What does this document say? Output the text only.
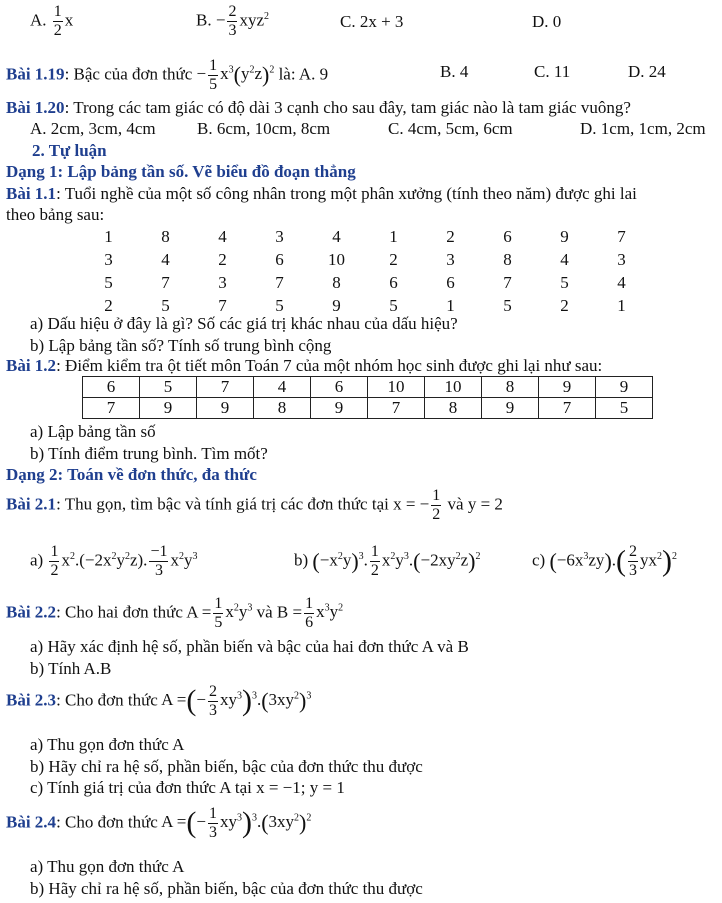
A. $\frac{1}{2}$ x	B. − $\frac{2}{3} xyz^2$	C. 2x + 3	D. 0
Bài 1.19: Bậc của đơn thức − $\frac{1}{5} x^3(y^2z)^2$ là: A. 9	B. 4	C. 11	D. 24
Bài 1.20: Trong các tam giác có độ dài 3 cạnh cho sau đây, tam giác nào là tam giác vuông?
A. 2cm, 3cm, 4cm B. 6cm, 10cm, 8cm	C. 4cm, 5cm, 6cm	D. 1cm, 1cm, 2cm
2. Tự luận
Dạng 1: Lập bảng tần số. Vẽ biểu đồ đoạn thẳng
Bài 1.1: Tuổi nghề của một số công nhân trong một phân xưởng (tính theo năm) được ghi lai
theo bảng sau:
1	8	4	3	4	1	2	6	9	7
3	4	2	6	10	2	3	8	4	3
5	7	3	7	8	6	6	7	5	4
2	5	7	5	9	5	1	5	2	1
a) Dấu hiệu ở đây là gì? Số các giá trị khác nhau của dấu hiệu?
b) Lập bảng tần số? Tính số trung bình cộng
Bài 1.2: Điểm kiểm tra ột tiết môn Toán 7 của một nhóm học sinh được ghi lại như sau:
6	5	7	4	6	10	10	8	9	9
7	9	9	8	9	7	8	9	7	5
a) Lập bảng tần số
b) Tính điểm trung bình. Tìm mốt?
Dạng 2: Toán về đơn thức, đa thức
Bài 2.1: Thu gọn, tìm bậc và tính giá trị các đơn thức tại x = − $\frac{1}{2}$ và y = 2
$a) \frac{1}{2} x^2.(-2x^2y^2z)$. $\frac{-1}{3} x^2y^3$	b) $(-x^2y)^3$. $\frac{1}{2} x^2y^3.(-2xy^2z)^2$	c) $(-6x^3zy).( \frac{2}{3} yx^2)^2$
Bài 2.2: Cho hai đơn thức $A = \frac{1}{5} x^2y^3$ và $B = \frac{1}{6} x^3y^2$
a) Hãy xác định hệ số, phần biến và bậc của hai đơn thức A và B
b) Tính A.B
Bài 2.3: Cho đơn thức A =(− $\frac{2}{3} xy^3)^3.(3xy^2)^3$
a) Thu gọn đơn thức A
b) Hãy chỉ ra hệ số, phần biến, bậc của đơn thức thu được
c) Tính giá trị của đơn thức A tại x = −1; y = 1
Bài 2.4: Cho đơn thức A =(− $\frac{1}{3} xy^3)^3.(3xy^2)^2$
a) Thu gọn đơn thức A
b) Hãy chỉ ra hệ số, phần biến, bậc của đơn thức thu được
